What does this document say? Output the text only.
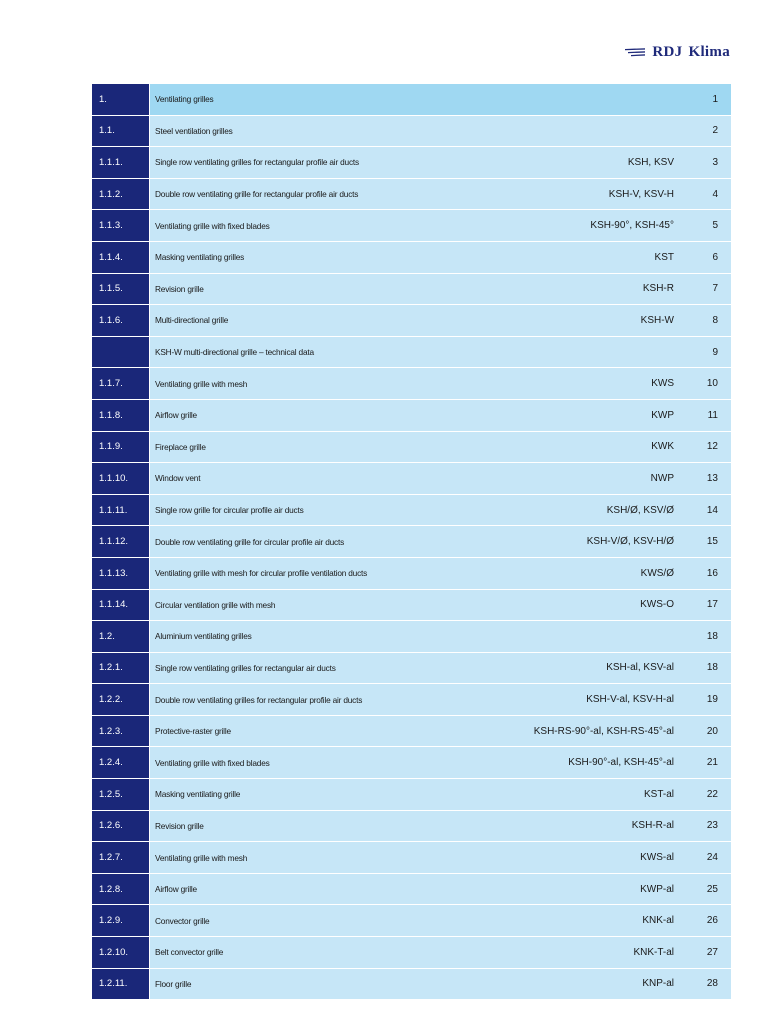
RDJ Klima
1.	Ventilating grilles		1
1.1.	Steel ventilation grilles		2
1.1.1.	Single row ventilating grilles for rectangular profile air ducts	KSH, KSV	3
1.1.2.	Double row ventilating grille for rectangular profile air ducts	KSH-V, KSV-H	4
1.1.3.	Ventilating grille with fixed blades	KSH-90°, KSH-45°	5
1.1.4.	Masking ventilating grilles	KST	6
1.1.5.	Revision grille	KSH-R	7
1.1.6.	Multi-directional grille	KSH-W	8
	KSH-W multi-directional grille – technical data		9
1.1.7.	Ventilating grille with mesh	KWS	10
1.1.8.	Airflow grille	KWP	11
1.1.9.	Fireplace grille	KWK	12
1.1.10.	Window vent	NWP	13
1.1.11.	Single row grille for circular profile air ducts	KSH/Ø, KSV/Ø	14
1.1.12.	Double row ventilating grille for circular profile air ducts	KSH-V/Ø, KSV-H/Ø	15
1.1.13.	Ventilating grille with mesh for circular profile ventilation ducts	KWS/Ø	16
1.1.14.	Circular ventilation grille with mesh	KWS-O	17
1.2.	Aluminium ventilating grilles		18
1.2.1.	Single row ventilating grilles for rectangular air ducts	KSH-al, KSV-al	18
1.2.2.	Double row ventilating grilles for rectangular profile air ducts	KSH-V-al, KSV-H-al	19
1.2.3.	Protective-raster grille	KSH-RS-90°-al, KSH-RS-45°-al	20
1.2.4.	Ventilating grille with fixed blades	KSH-90°-al, KSH-45°-al	21
1.2.5.	Masking ventilating grille	KST-al	22
1.2.6.	Revision grille	KSH-R-al	23
1.2.7.	Ventilating grille with mesh	KWS-al	24
1.2.8.	Airflow grille	KWP-al	25
1.2.9.	Convector grille	KNK-al	26
1.2.10.	Belt convector grille	KNK-T-al	27
1.2.11.	Floor grille	KNP-al	28
